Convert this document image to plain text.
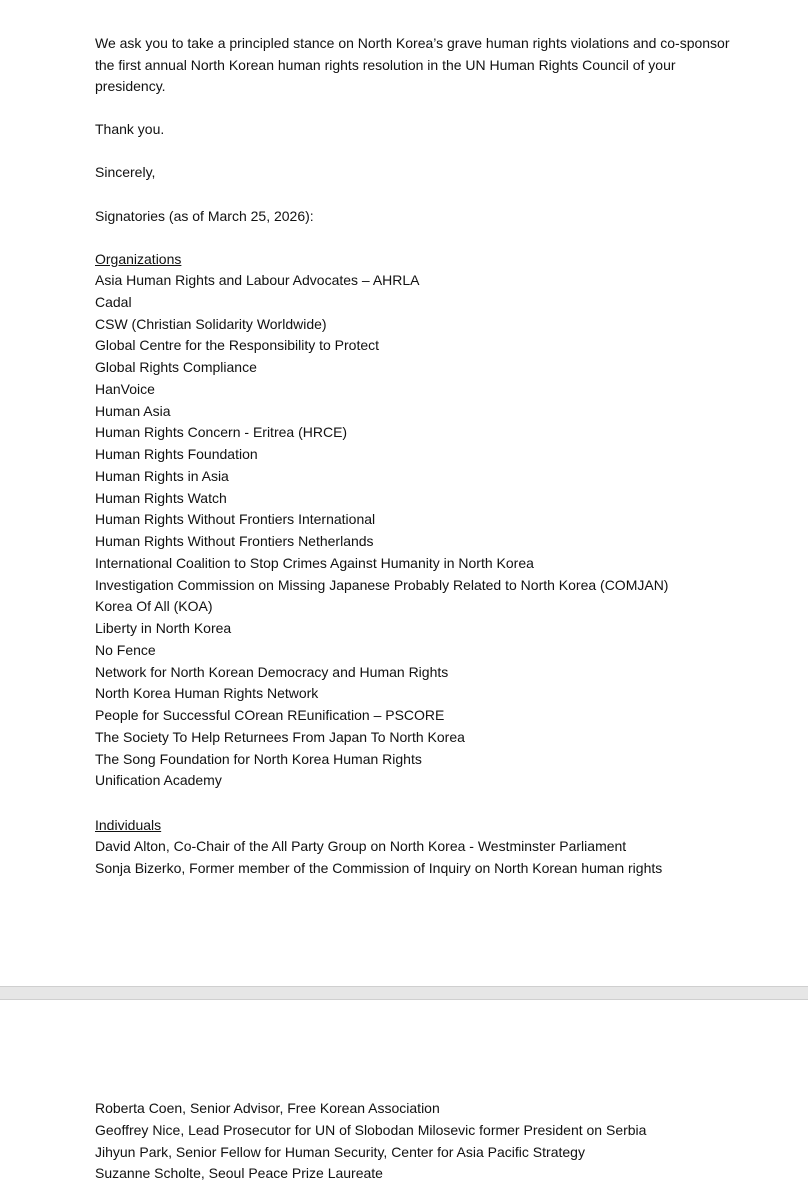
We ask you to take a principled stance on North Korea’s grave human rights violations and co-sponsor the first annual North Korean human rights resolution in the UN Human Rights Council of your presidency.

Thank you.
Sincerely,
Signatories (as of March 25, 2026):
Organizations
Asia Human Rights and Labour Advocates – AHRLA
Cadal
CSW (Christian Solidarity Worldwide)
Global Centre for the Responsibility to Protect
Global Rights Compliance
HanVoice
Human Asia
Human Rights Concern - Eritrea (HRCE)
Human Rights Foundation
Human Rights in Asia
Human Rights Watch
Human Rights Without Frontiers International
Human Rights Without Frontiers Netherlands
International Coalition to Stop Crimes Against Humanity in North Korea
Investigation Commission on Missing Japanese Probably Related to North Korea (COMJAN)
Korea Of All (KOA)
Liberty in North Korea
No Fence
Network for North Korean Democracy and Human Rights
North Korea Human Rights Network
People for Successful COrean REunification – PSCORE
The Society To Help Returnees From Japan To North Korea
The Song Foundation for North Korea Human Rights
Unification Academy
Individuals
David Alton, Co-Chair of the All Party Group on North Korea - Westminster Parliament
Sonja Bizerko, Former member of the Commission of Inquiry on North Korean human rights
Roberta Coen, Senior Advisor, Free Korean Association
Geoffrey Nice, Lead Prosecutor for UN of Slobodan Milosevic former President on Serbia
Jihyun Park, Senior Fellow for Human Security, Center for Asia Pacific Strategy
Suzanne Scholte, Seoul Peace Prize Laureate
